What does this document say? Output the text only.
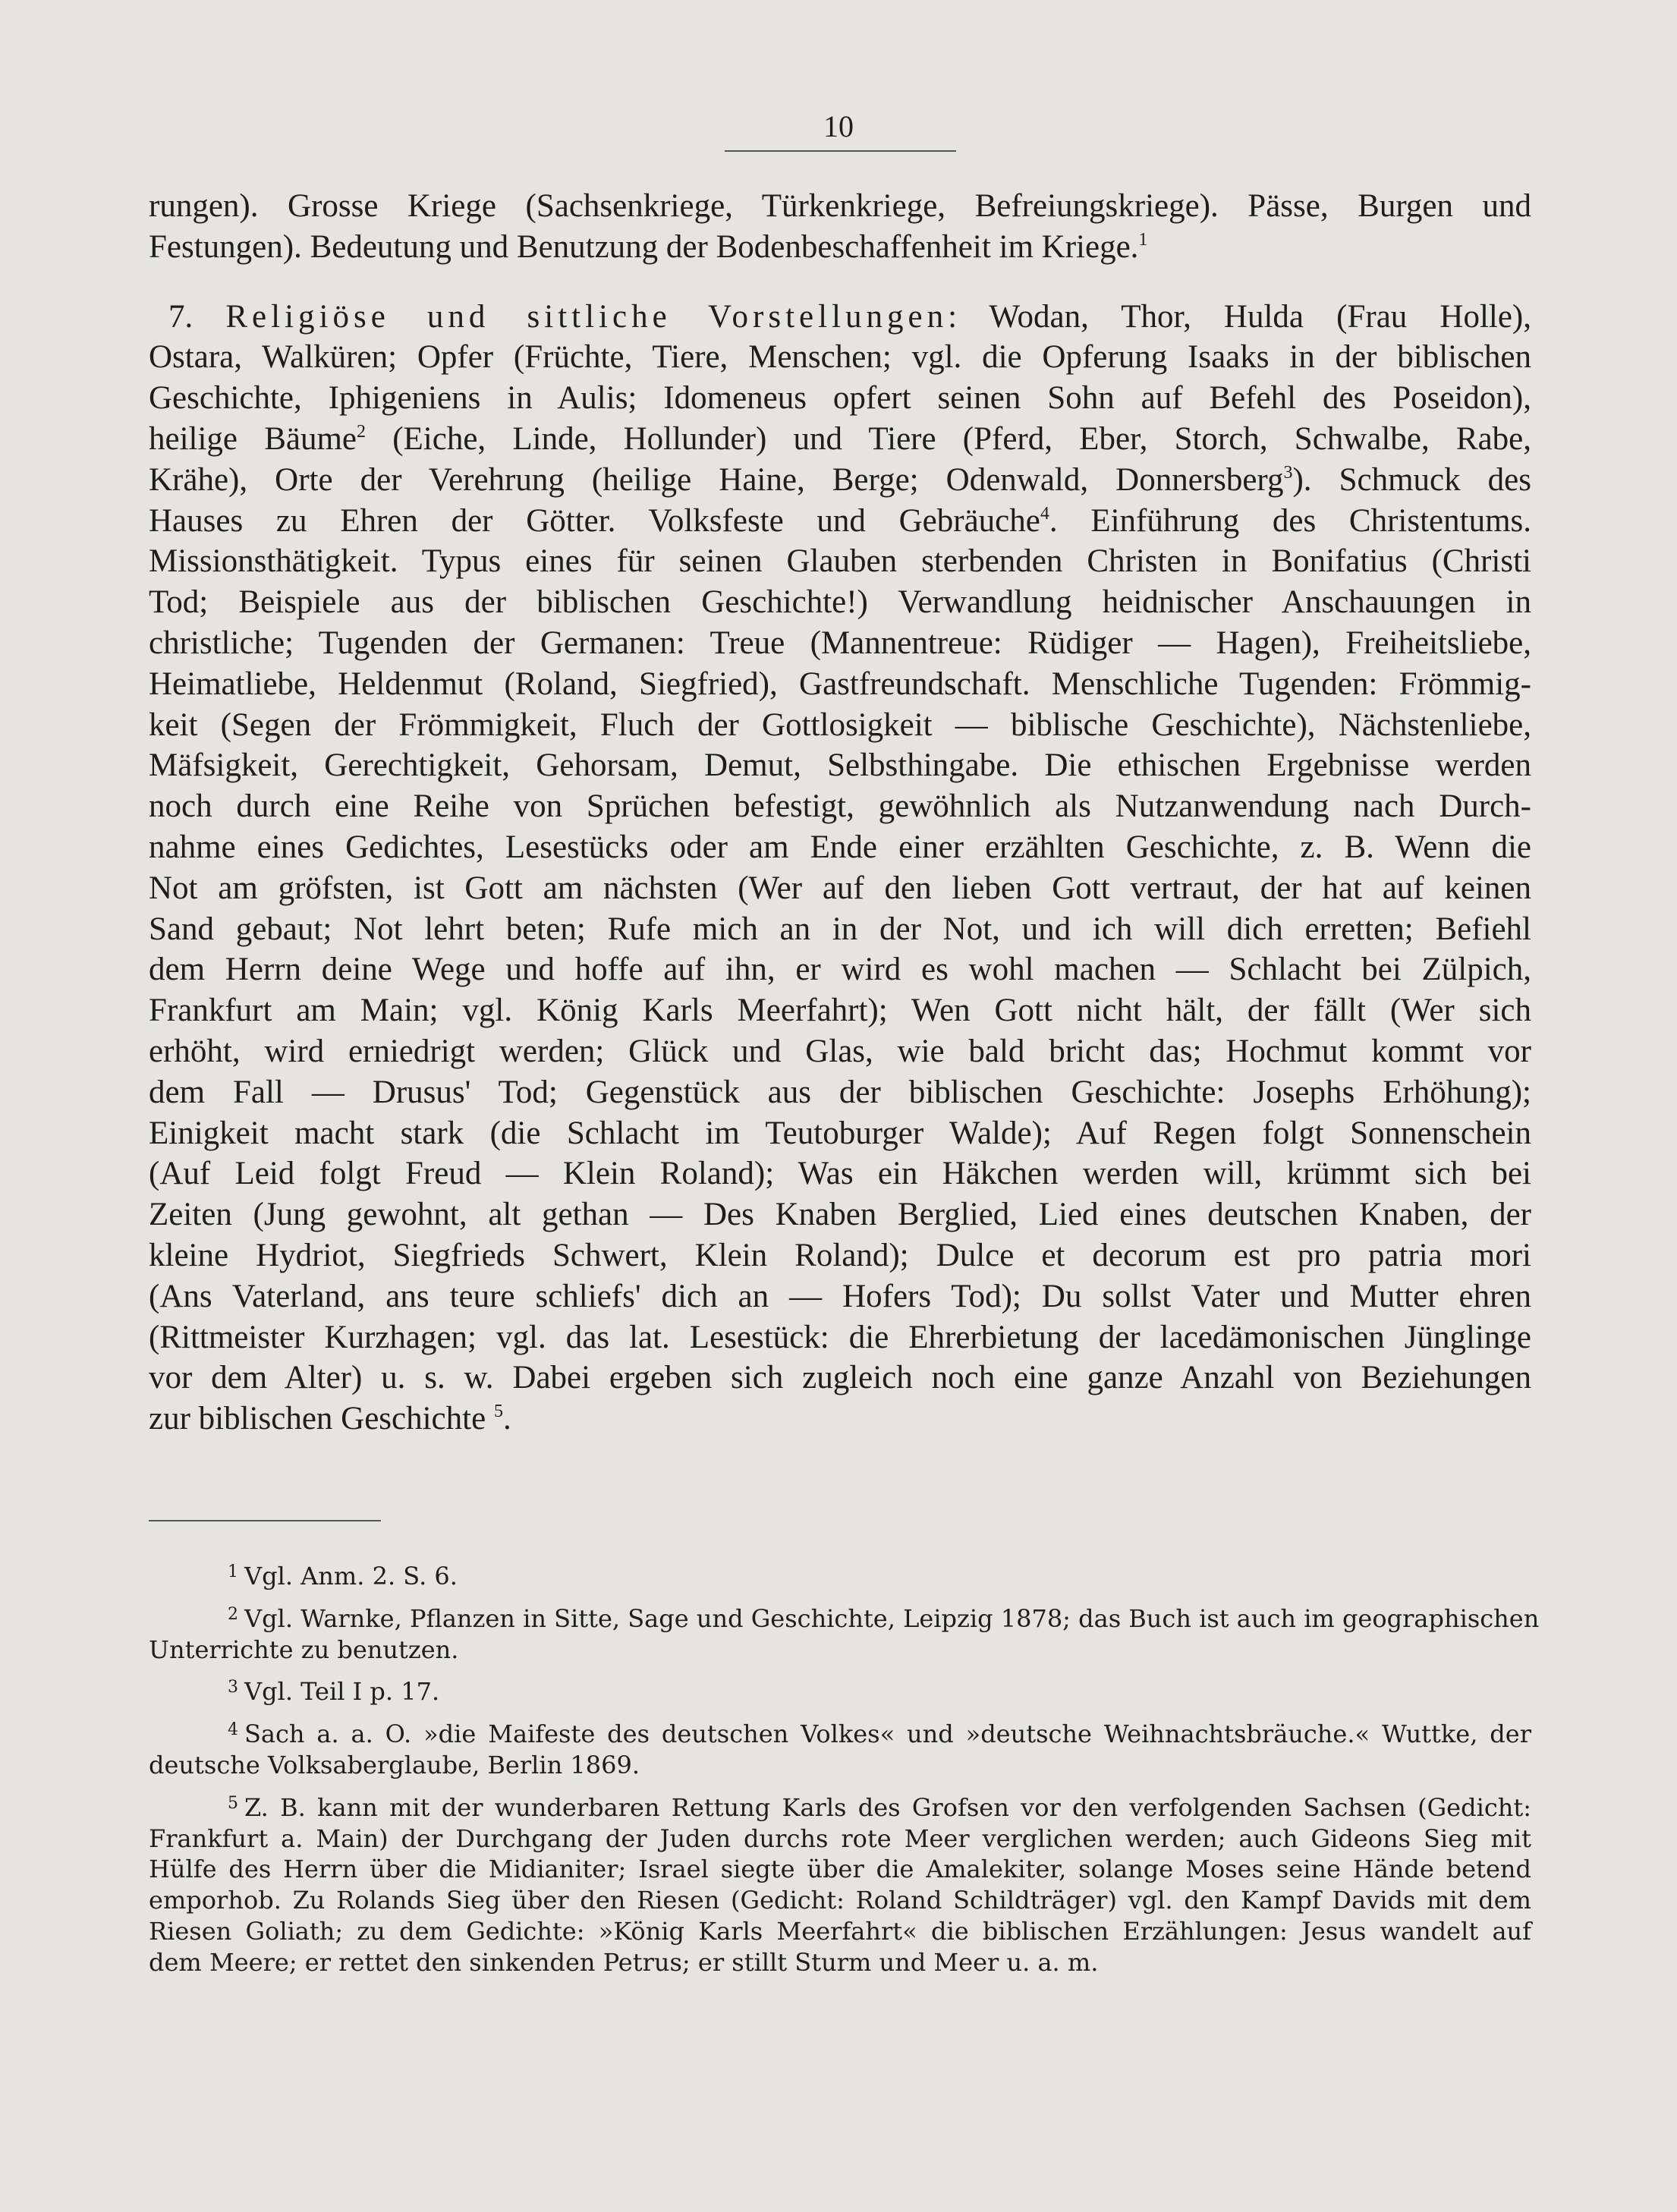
10
rungen). Grosse Kriege (Sachsenkriege, Türkenkriege, Befreiungskriege). Pässe, Burgen und
Festungen). Bedeutung und Benutzung der Bodenbeschaffenheit im Kriege.$^1$
7. Religiöse und sittliche Vorstellungen: Wodan, Thor, Hulda (Frau Holle),
Ostara, Walküren; Opfer (Früchte, Tiere, Menschen; vgl. die Opferung Isaaks in der biblischen
Geschichte, Iphigeniens in Aulis; Idomeneus opfert seinen Sohn auf Befehl des Poseidon),
heilige Bäume$^2$ (Eiche, Linde, Hollunder) und Tiere (Pferd, Eber, Storch, Schwalbe, Rabe,
Krähe), Orte der Verehrung (heilige Haine, Berge; Odenwald, Donnersberg$^3$). Schmuck des
Hauses zu Ehren der Götter. Volksfeste und Gebräuche$^4$. Einführung des Christentums.
Missionsthätigkeit. Typus eines für seinen Glauben sterbenden Christen in Bonifatius (Christi
Tod; Beispiele aus der biblischen Geschichte!) Verwandlung heidnischer Anschauungen in
christliche; Tugenden der Germanen: Treue (Mannentreue: Rüdiger — Hagen), Freiheitsliebe,
Heimatliebe, Heldenmut (Roland, Siegfried), Gastfreundschaft. Menschliche Tugenden: Frömmig-
keit (Segen der Frömmigkeit, Fluch der Gottlosigkeit — biblische Geschichte), Nächstenliebe,
Mäfsigkeit, Gerechtigkeit, Gehorsam, Demut, Selbsthingabe. Die ethischen Ergebnisse werden
noch durch eine Reihe von Sprüchen befestigt, gewöhnlich als Nutzanwendung nach Durch-
nahme eines Gedichtes, Lesestücks oder am Ende einer erzählten Geschichte, z. B. Wenn die
Not am gröfsten, ist Gott am nächsten (Wer auf den lieben Gott vertraut, der hat auf keinen
Sand gebaut; Not lehrt beten; Rufe mich an in der Not, und ich will dich erretten; Befiehl
dem Herrn deine Wege und hoffe auf ihn, er wird es wohl machen — Schlacht bei Zülpich,
Frankfurt am Main; vgl. König Karls Meerfahrt); Wen Gott nicht hält, der fällt (Wer sich
erhöht, wird erniedrigt werden; Glück und Glas, wie bald bricht das; Hochmut kommt vor
dem Fall — Drusus' Tod; Gegenstück aus der biblischen Geschichte: Josephs Erhöhung);
Einigkeit macht stark (die Schlacht im Teutoburger Walde); Auf Regen folgt Sonnenschein
(Auf Leid folgt Freud — Klein Roland); Was ein Häkchen werden will, krümmt sich bei
Zeiten (Jung gewohnt, alt gethan — Des Knaben Berglied, Lied eines deutschen Knaben, der
kleine Hydriot, Siegfrieds Schwert, Klein Roland); Dulce et decorum est pro patria mori
(Ans Vaterland, ans teure schliefs' dich an — Hofers Tod); Du sollst Vater und Mutter ehren
(Rittmeister Kurzhagen; vgl. das lat. Lesestück: die Ehrerbietung der lacedämonischen Jünglinge
vor dem Alter) u. s. w. Dabei ergeben sich zugleich noch eine ganze Anzahl von Beziehungen
zur biblischen Geschichte $^5$.
$^1$ Vgl. Anm. 2. S. 6.
$^2$ Vgl. Warnke, Pflanzen in Sitte, Sage und Geschichte, Leipzig 1878; das Buch ist auch im geographischen
Unterrichte zu benutzen.
$^3$ Vgl. Teil I p. 17.
$^4$ Sach a. a. O. »die Maifeste des deutschen Volkes« und »deutsche Weihnachtsbräuche.« Wuttke, der
deutsche Volksaberglaube, Berlin 1869.
$^5$ Z. B. kann mit der wunderbaren Rettung Karls des Grofsen vor den verfolgenden Sachsen (Gedicht:
Frankfurt a. Main) der Durchgang der Juden durchs rote Meer verglichen werden; auch Gideons Sieg mit
Hülfe des Herrn über die Midianiter; Israel siegte über die Amalekiter, solange Moses seine Hände betend
emporhob. Zu Rolands Sieg über den Riesen (Gedicht: Roland Schildträger) vgl. den Kampf Davids mit dem
Riesen Goliath; zu dem Gedichte: »König Karls Meerfahrt« die biblischen Erzählungen: Jesus wandelt auf
dem Meere; er rettet den sinkenden Petrus; er stillt Sturm und Meer u. a. m.
